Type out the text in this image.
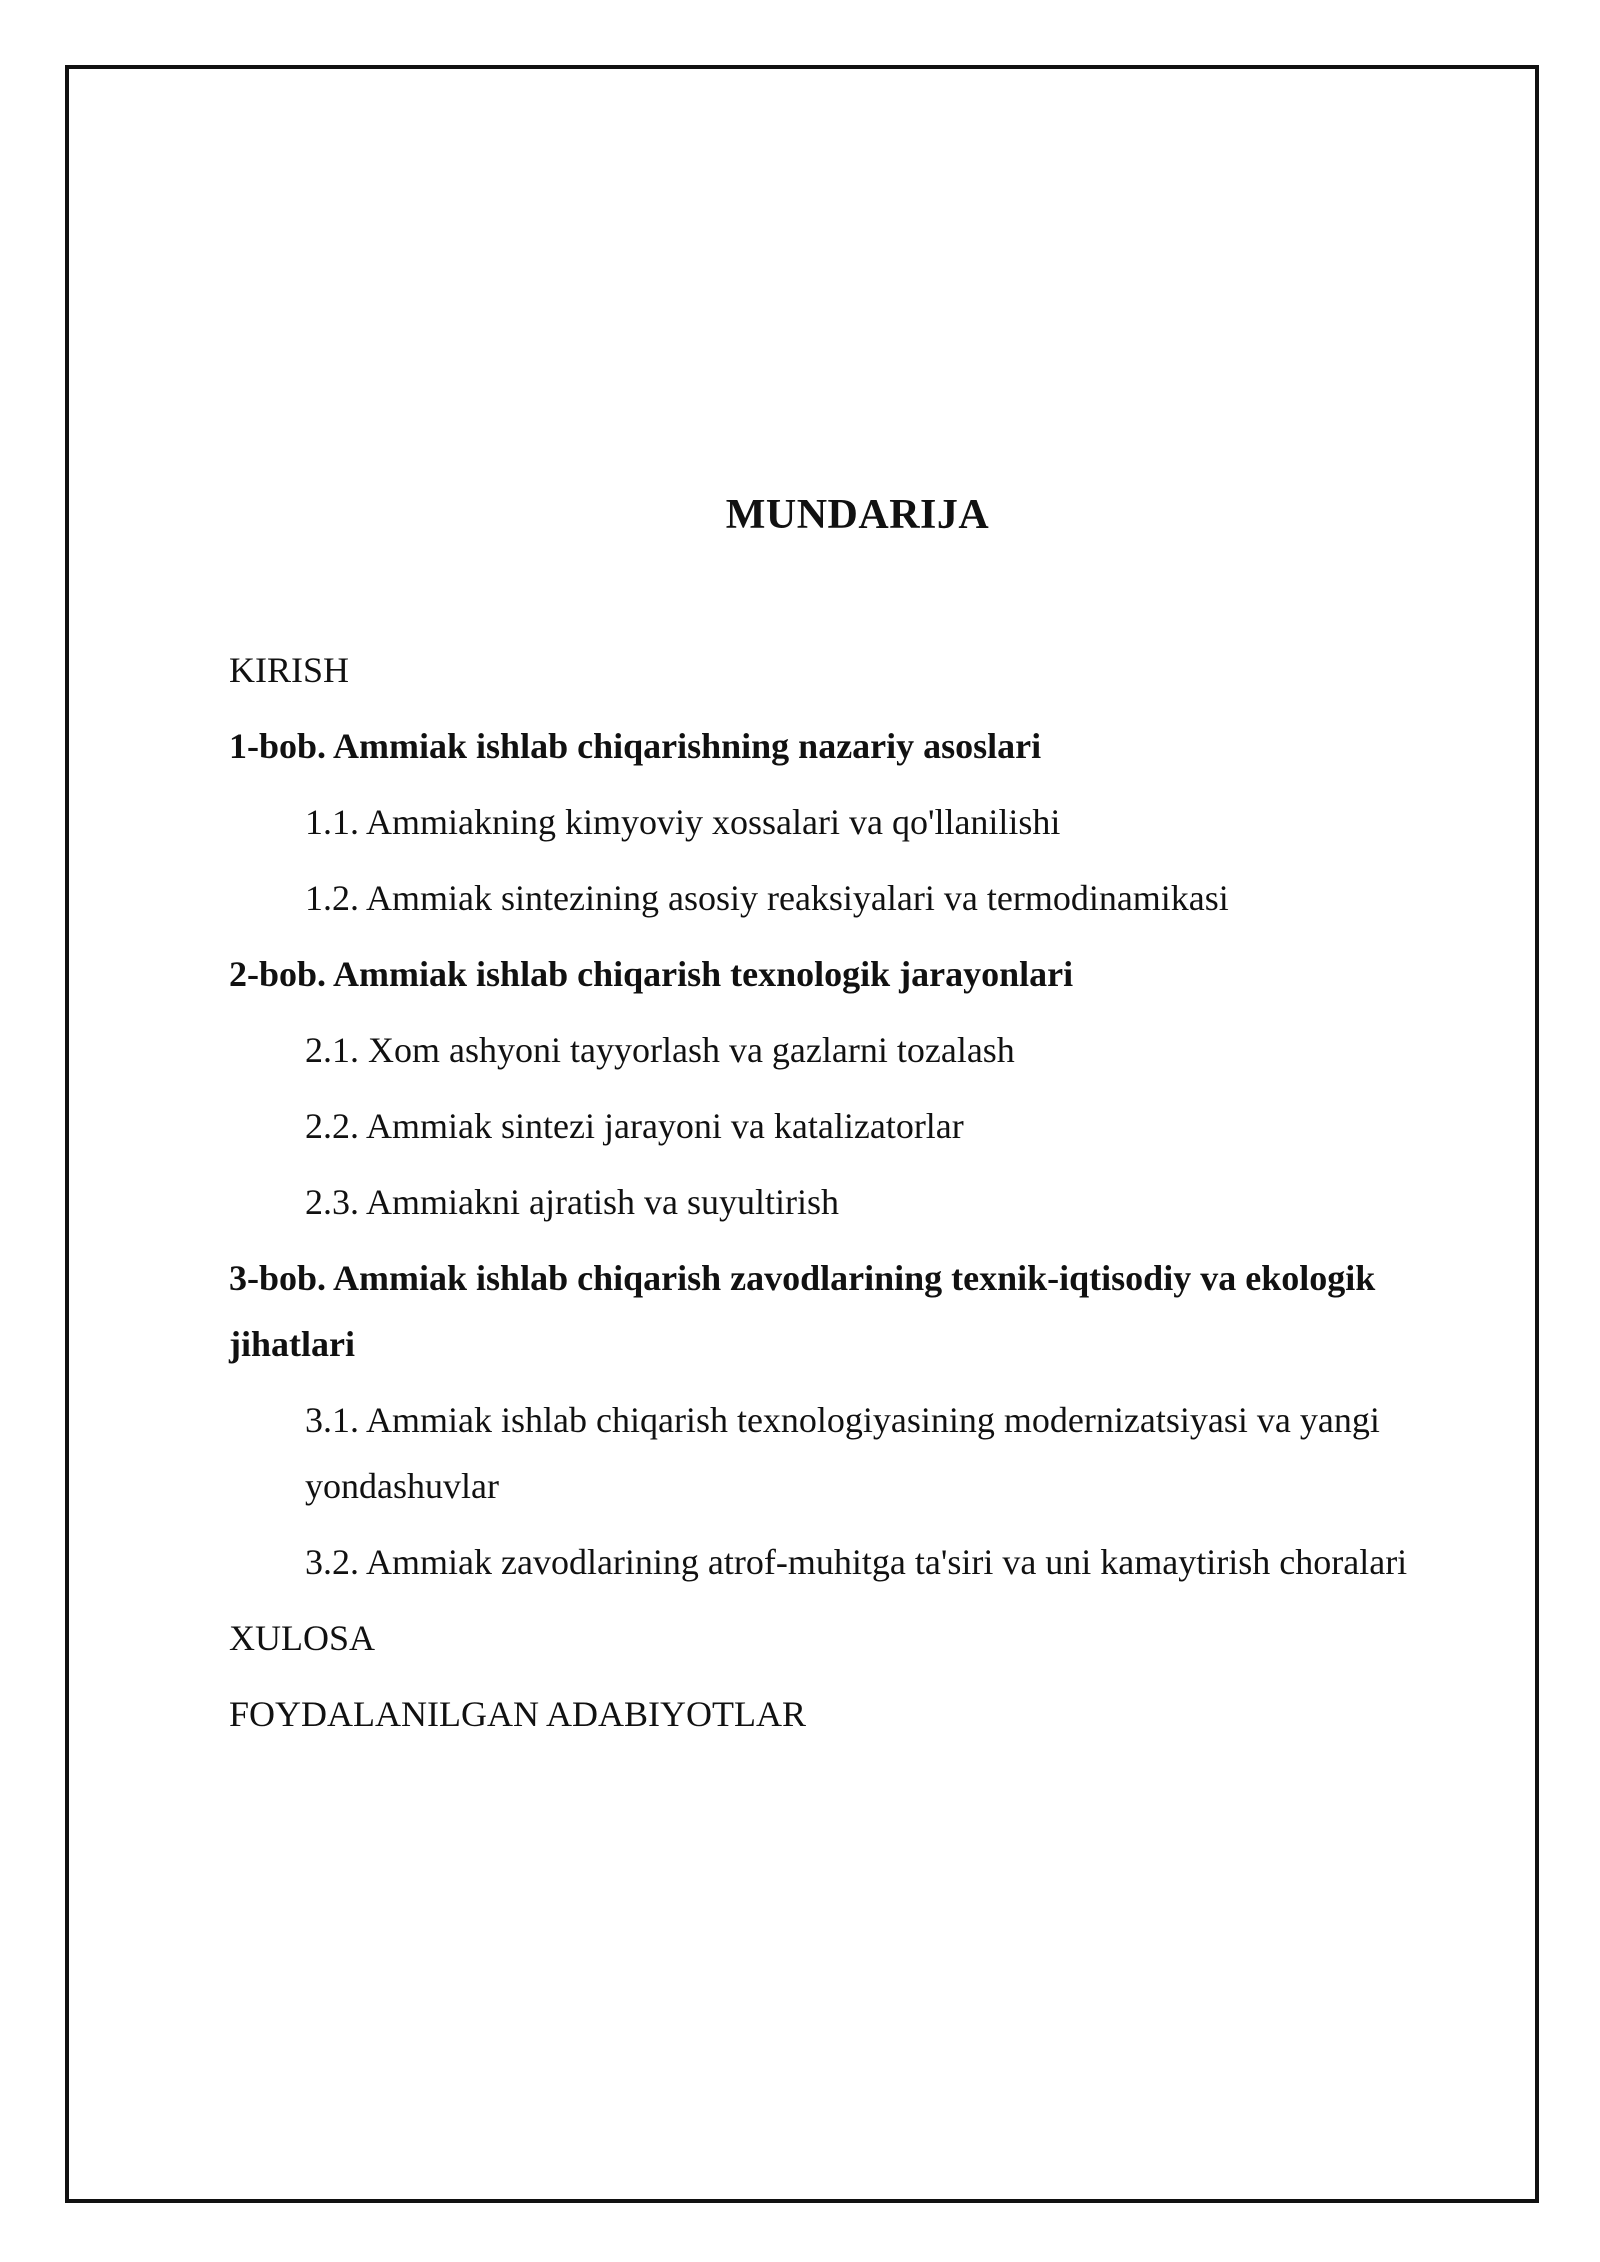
MUNDARIJA
KIRISH
1-bob. Ammiak ishlab chiqarishning nazariy asoslari
1.1. Ammiakning kimyoviy xossalari va qo'llanilishi
1.2. Ammiak sintezining asosiy reaksiyalari va termodinamikasi
2-bob. Ammiak ishlab chiqarish texnologik jarayonlari
2.1. Xom ashyoni tayyorlash va gazlarni tozalash
2.2. Ammiak sintezi jarayoni va katalizatorlar
2.3. Ammiakni ajratish va suyultirish
3-bob. Ammiak ishlab chiqarish zavodlarining texnik-iqtisodiy va ekologik jihatlari
3.1. Ammiak ishlab chiqarish texnologiyasining modernizatsiyasi va yangi yondashuvlar
3.2. Ammiak zavodlarining atrof-muhitga ta'siri va uni kamaytirish choralari
XULOSA
FOYDALANILGAN ADABIYOTLAR
